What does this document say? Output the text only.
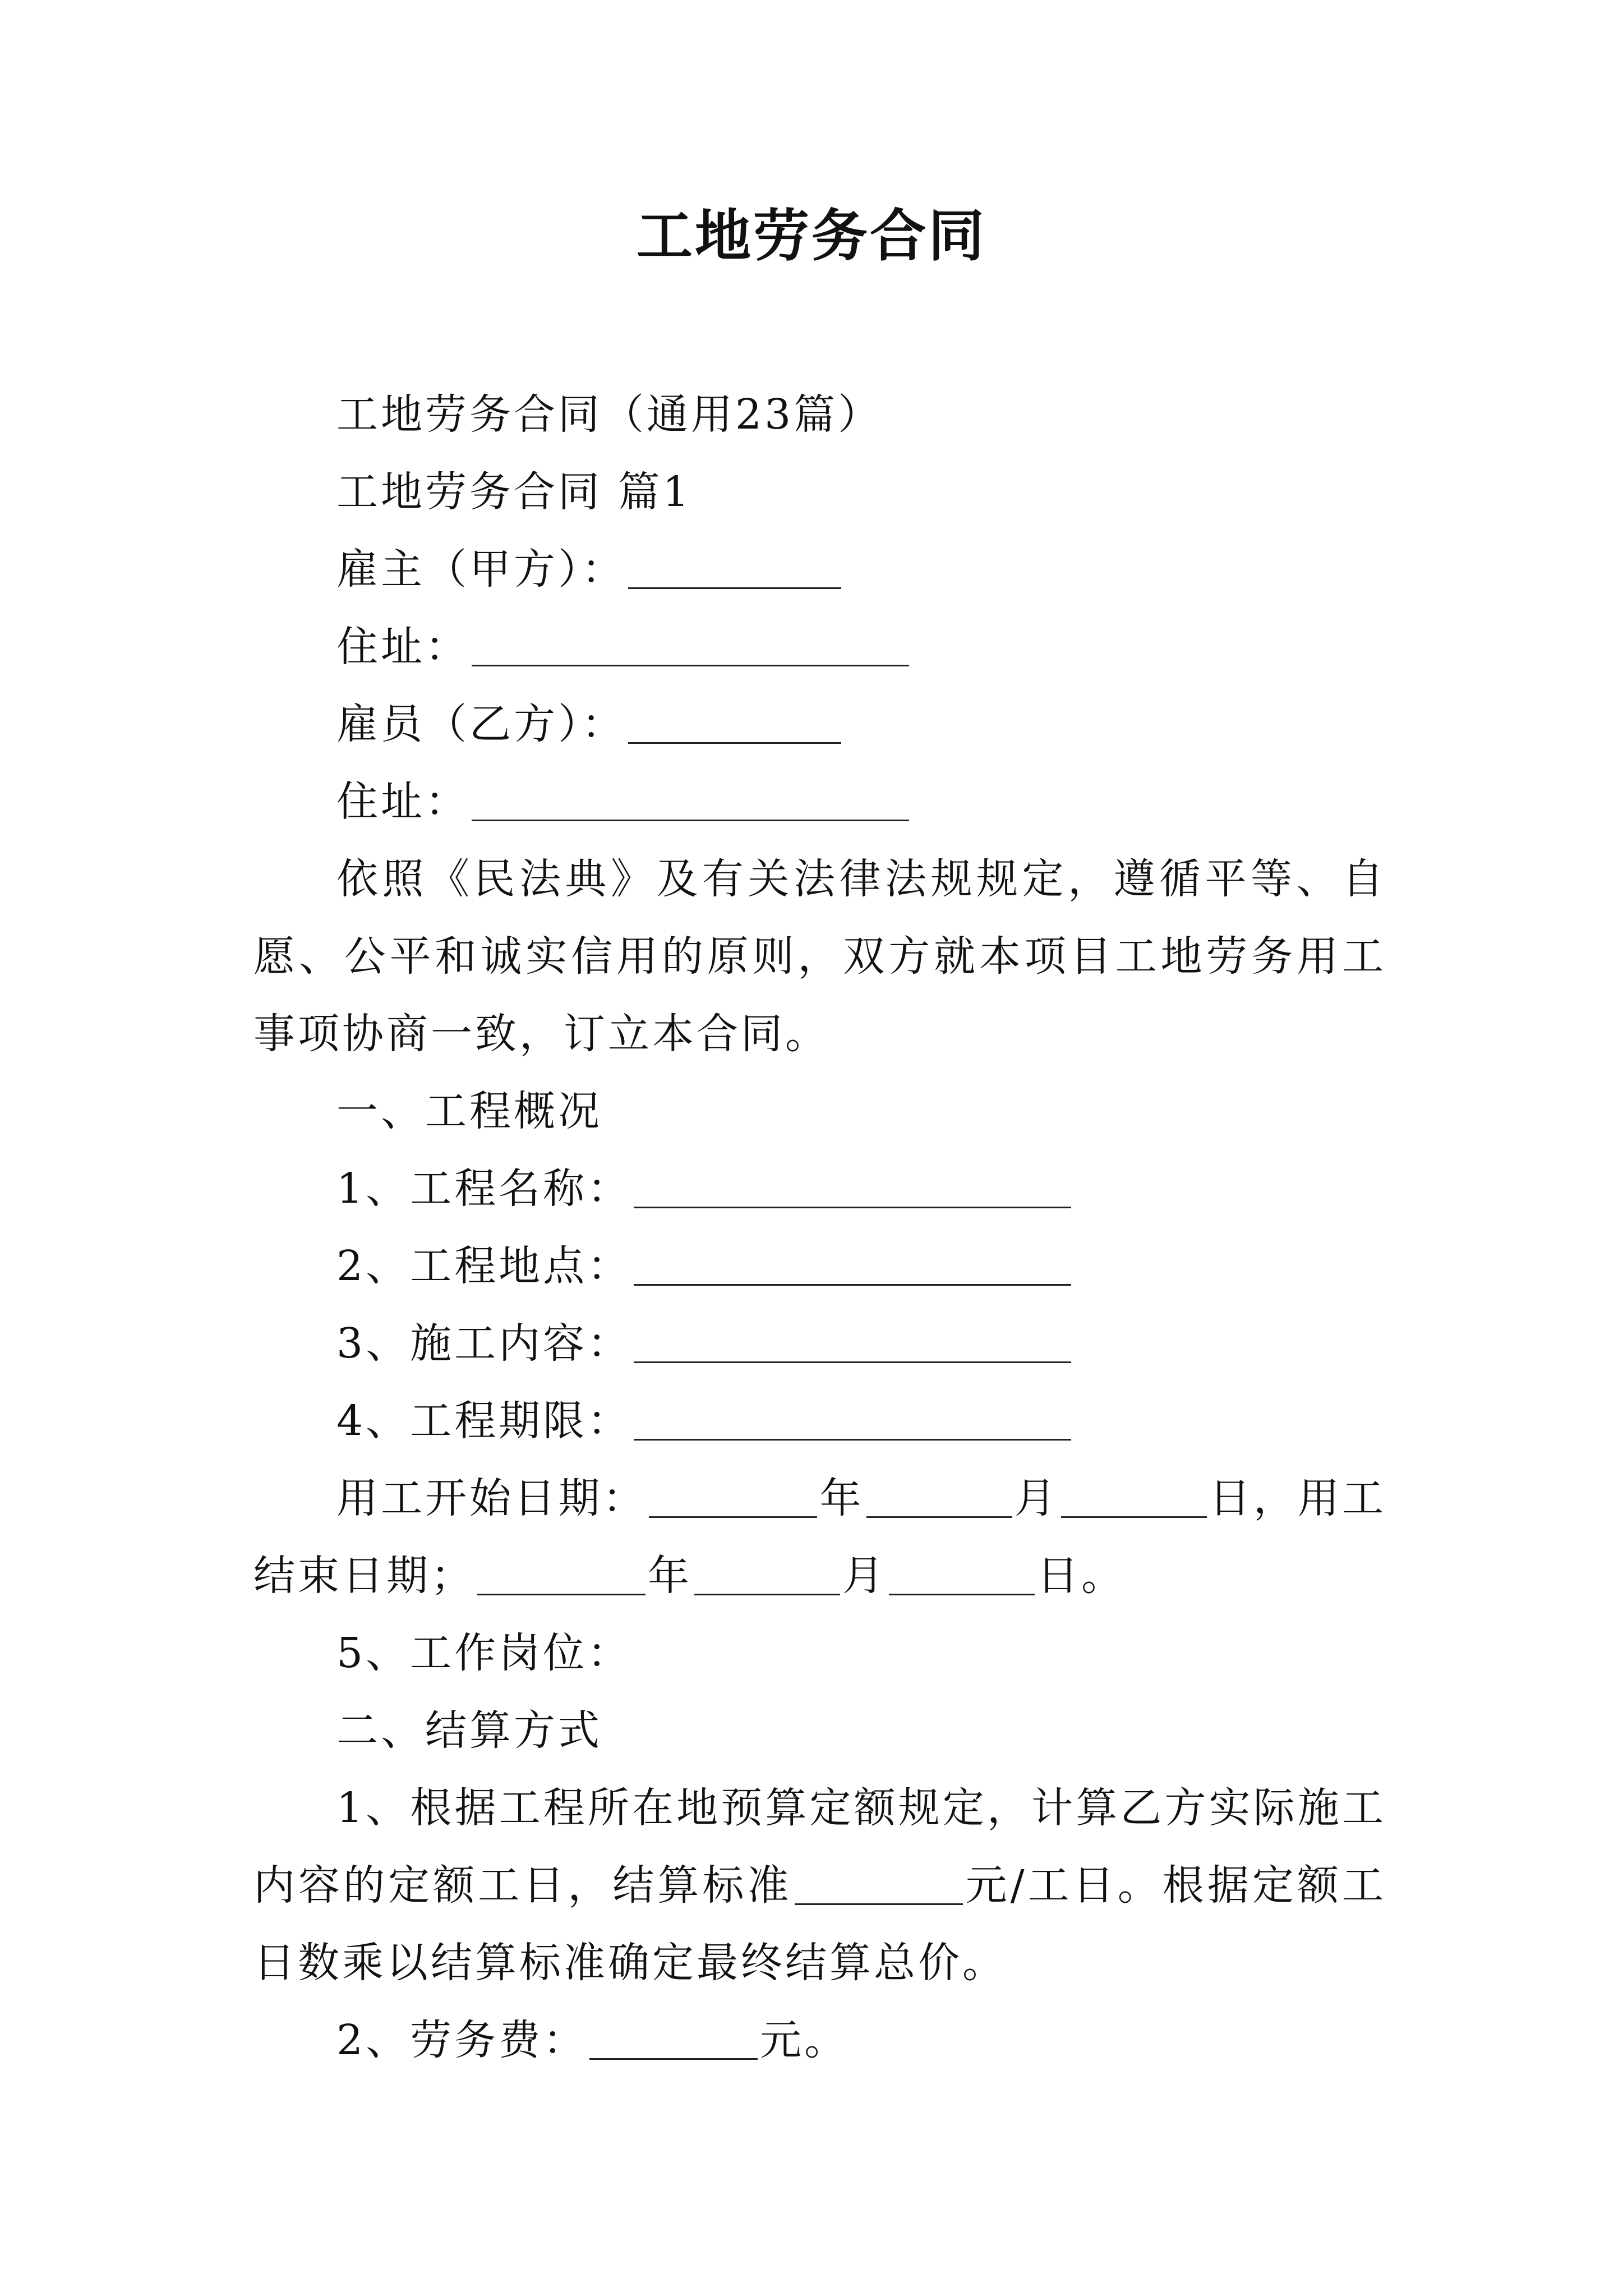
工地劳务合同

工地劳务合同（通用23篇）

工地劳务合同 篇1

雇主（甲方）：

住址：

雇员（乙方）：

住址：

依照《民法典》及有关法律法规规定，遵循平等、自愿、公平和诚实信用的原则，双方就本项目工地劳务用工事项协商一致，订立本合同。

一、工程概况

1、工程名称：

2、工程地点：

3、施工内容：

4、工程期限：

用工开始日期：	年	月	日，用工结束日期；	年	月	日。

5、工作岗位：

二、结算方式

1、根据工程所在地预算定额规定，计算乙方实际施工内容的定额工日，结算标准	元/工日。根据定额工日数乘以结算标准确定最终结算总价。

2、劳务费：	元。
